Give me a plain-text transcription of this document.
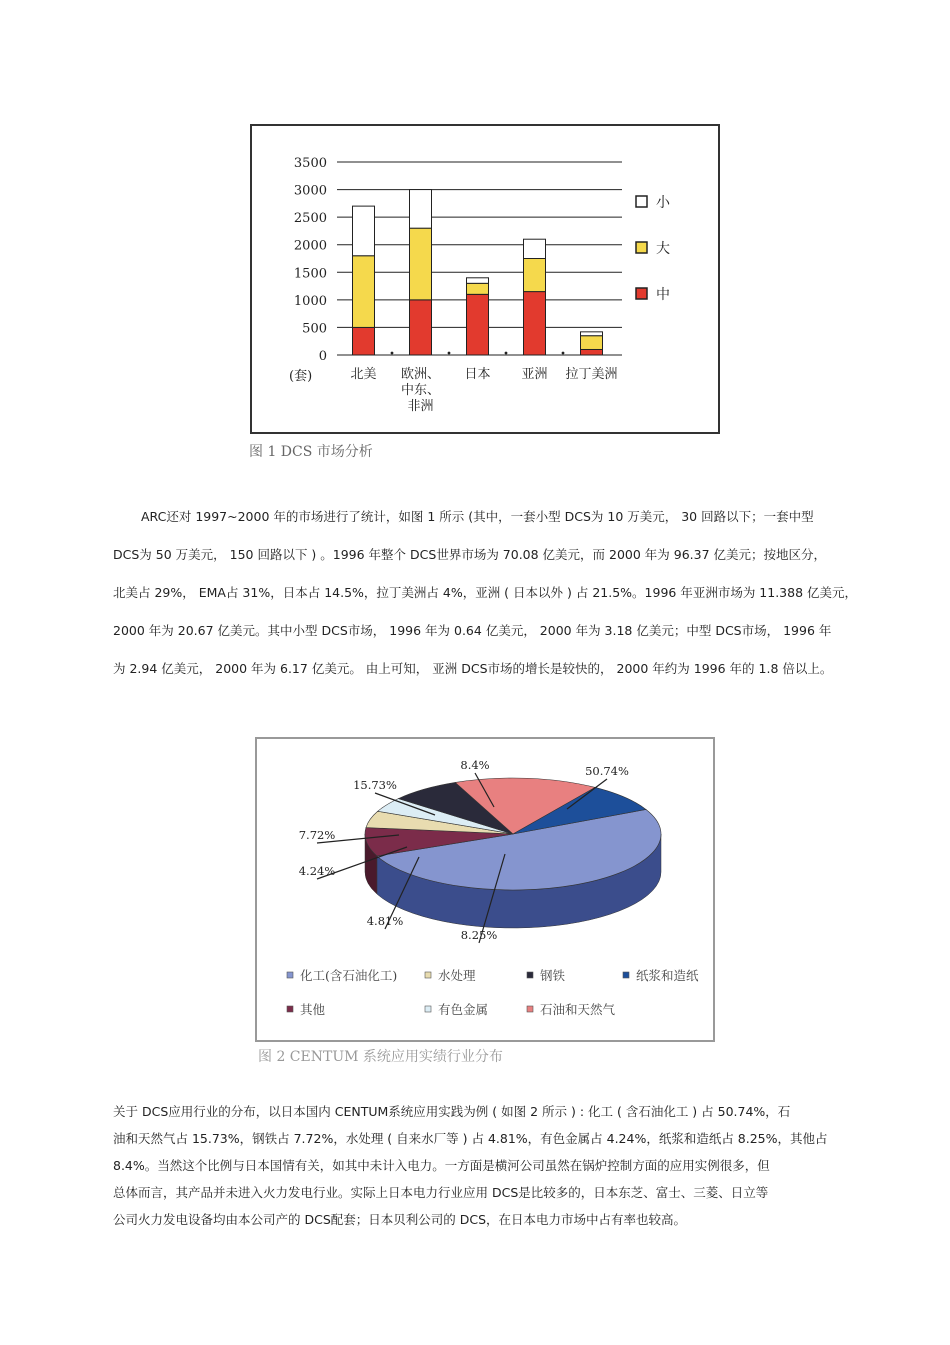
0
500
1000
1500
2000
2500
3000
3500
(套)	北美 欧洲、
中东、
非洲
日本 亚洲 拉丁美洲
小
大
中
图 1 DCS 市场分析
ARC还对 1997~2000 年的市场进行了统计，如图 1 所示 (其中，一套小型 DCS为 10 万美元， 30 回路以下；一套中型
DCS为 50 万美元， 150 回路以下 ) 。1996 年整个 DCS世界市场为 70.08 亿美元，而 2000 年为 96.37 亿美元；按地区分，
北美占 29%， EMA占 31%，日本占 14.5%，拉丁美洲占 4%，亚洲 ( 日本以外 ) 占 21.5%。1996 年亚洲市场为 11.388 亿美元，
2000 年为 20.67 亿美元。其中小型 DCS市场， 1996 年为 0.64 亿美元， 2000 年为 3.18 亿美元；中型 DCS市场， 1996 年
为 2.94 亿美元， 2000 年为 6.17 亿美元。 由上可知， 亚洲 DCS市场的增长是较快的， 2000 年约为 1996 年的 1.8 倍以上。
50.74%
8.25%
4.81%
4.24%
7.72%
15.73%
8.4%
化工(含石油化工)	水处理	钢铁	纸浆和造纸
其他	有色金属	石油和天然气
图 2 CENTUM 系统应用实绩行业分布
关于 DCS应用行业的分布，以日本国内 CENTUM系统应用实践为例 ( 如图 2 所示 ) : 化工 ( 含石油化工 ) 占 50.74%，石
油和天然气占 15.73%，钢铁占 7.72%，水处理 ( 自来水厂等 ) 占 4.81%，有色金属占 4.24%，纸浆和造纸占 8.25%，其他占
8.4%。当然这个比例与日本国情有关，如其中未计入电力。一方面是横河公司虽然在锅炉控制方面的应用实例很多，但
总体而言，其产品并未进入火力发电行业。实际上日本电力行业应用 DCS是比较多的，日本东芝、富士、三菱、日立等
公司火力发电设备均由本公司产的 DCS配套；日本贝利公司的 DCS，在日本电力市场中占有率也较高。
